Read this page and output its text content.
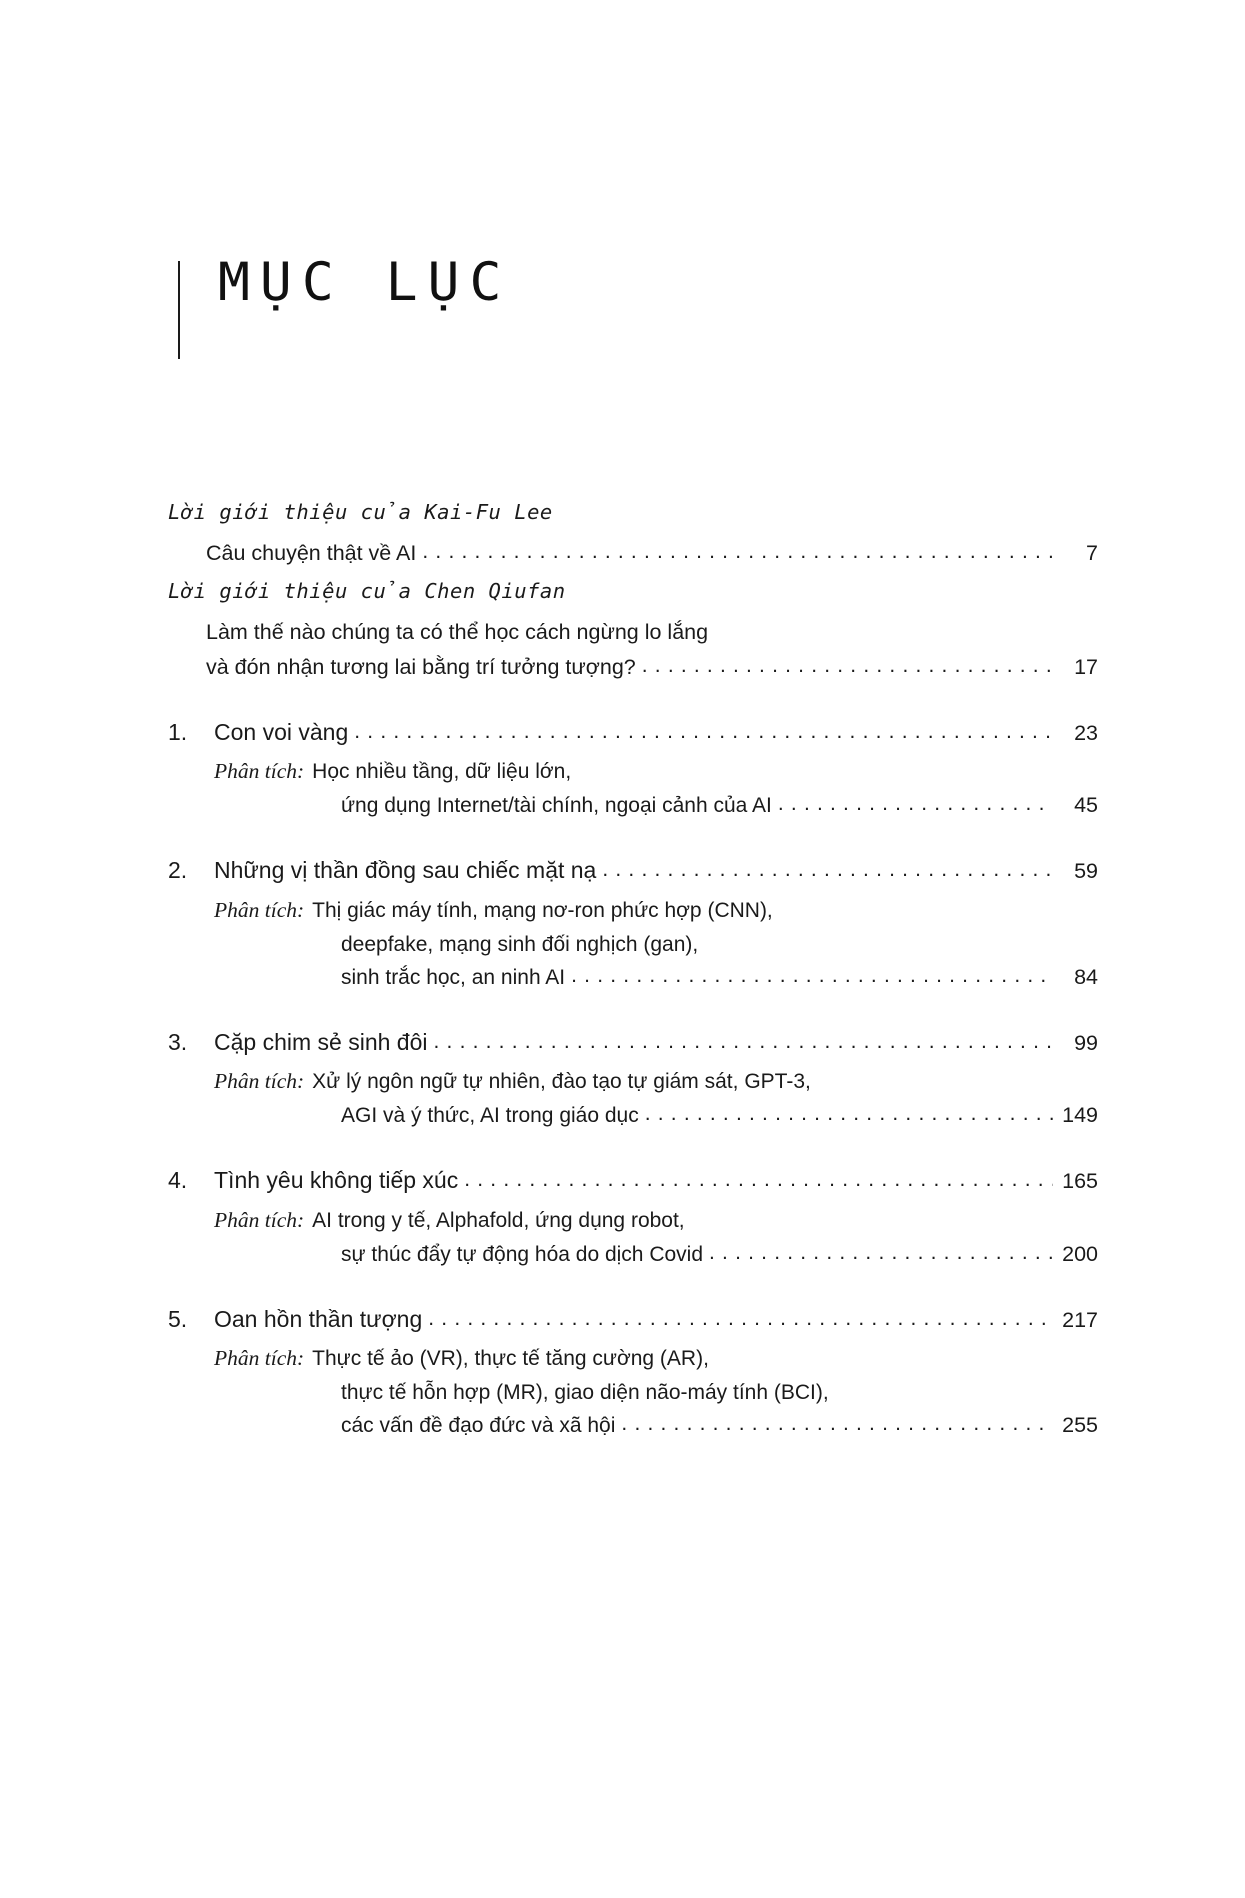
MỤC LỤC
Lời giới thiệu của Kai-Fu Lee
Câu chuyện thật về AI .....	7
Lời giới thiệu của Chen Qiufan
Làm thế nào chúng ta có thể học cách ngừng lo lắng
và đón nhận tương lai bằng trí tưởng tượng? .....	17
1.	Con voi vàng .....	23
Phân tích: Học nhiều tầng, dữ liệu lớn,
ứng dụng Internet/tài chính, ngoại cảnh của AI .....	45
2.	Những vị thần đồng sau chiếc mặt nạ .....	59
Phân tích: Thị giác máy tính, mạng nơ-ron phức hợp (CNN),
deepfake, mạng sinh đối nghịch (gan),
sinh trắc học, an ninh AI .....	84
3.	Cặp chim sẻ sinh đôi .....	99
Phân tích: Xử lý ngôn ngữ tự nhiên, đào tạo tự giám sát, GPT-3,
AGI và ý thức, AI trong giáo dục .....	149
4.	Tình yêu không tiếp xúc .....	165
Phân tích: AI trong y tế, Alphafold, ứng dụng robot,
sự thúc đẩy tự động hóa do dịch Covid .....	200
5.	Oan hồn thần tượng .....	217
Phân tích: Thực tế ảo (VR), thực tế tăng cường (AR),
thực tế hỗn hợp (MR), giao diện não-máy tính (BCI),
các vấn đề đạo đức và xã hội .....	255
